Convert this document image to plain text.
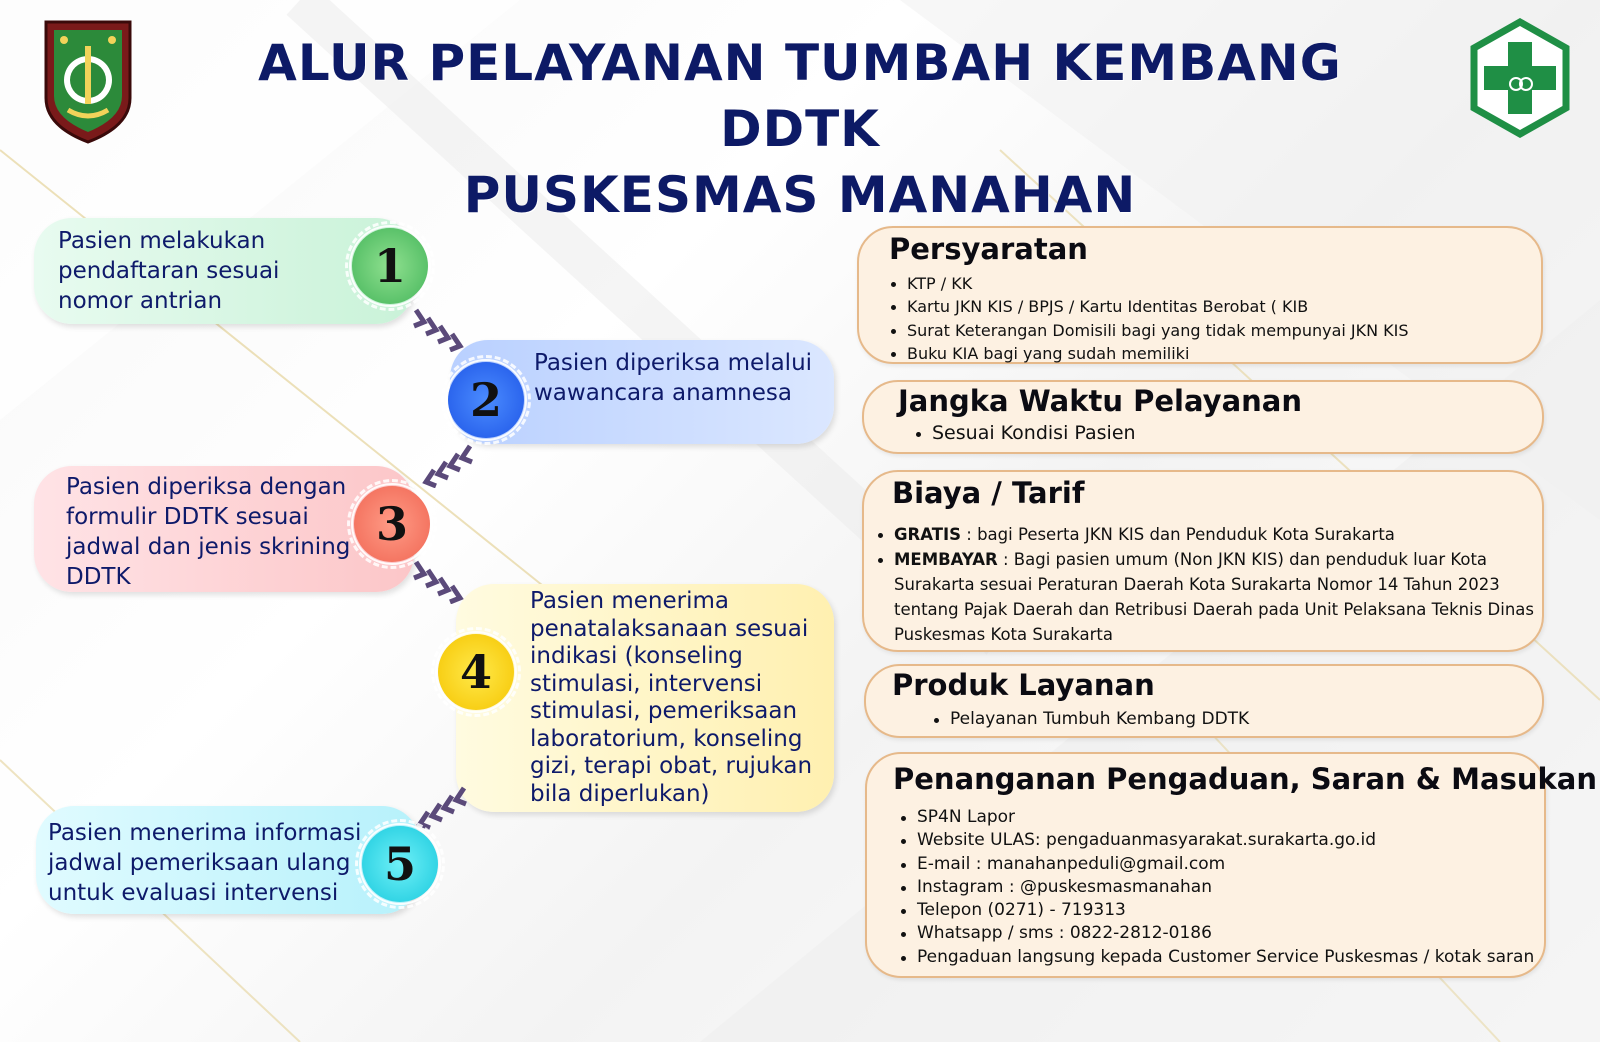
ALUR PELAYANAN TUMBAH KEMBANG DDTK
PUSKESMAS MANAHAN
Pasien melakukan pendaftaran sesuai nomor antrian
1
Pasien diperiksa melalui wawancara anamnesa
2
Pasien diperiksa dengan formulir DDTK sesuai jadwal dan jenis skrining DDTK
3
Pasien menerima penatalaksanaan sesuai indikasi (konseling stimulasi, intervensi stimulasi, pemeriksaan laboratorium, konseling gizi, terapi obat, rujukan bila diperlukan)
4
Pasien menerima informasi jadwal pemeriksaan ulang untuk evaluasi intervensi
5
Persyaratan
KTP / KK
Kartu JKN KIS / BPJS / Kartu Identitas Berobat ( KIB
Surat Keterangan Domisili bagi yang tidak mempunyai JKN KIS
Buku KIA bagi yang sudah memiliki
Jangka Waktu Pelayanan
Sesuai Kondisi Pasien
Biaya / Tarif
GRATIS : bagi Peserta JKN KIS dan Penduduk Kota Surakarta
MEMBAYAR : Bagi pasien umum (Non JKN KIS) dan penduduk luar Kota Surakarta sesuai Peraturan Daerah Kota Surakarta Nomor 14 Tahun 2023 tentang Pajak Daerah dan Retribusi Daerah pada Unit Pelaksana Teknis Dinas Puskesmas Kota Surakarta
Produk Layanan
Pelayanan Tumbuh Kembang DDTK
Penanganan Pengaduan, Saran & Masukan
SP4N Lapor
Website ULAS: pengaduanmasyarakat.surakarta.go.id
E-mail : manahanpeduli@gmail.com
Instagram : @puskesmasmanahan
Telepon (0271) - 719313
Whatsapp / sms : 0822-2812-0186
Pengaduan langsung kepada Customer Service Puskesmas / kotak saran
